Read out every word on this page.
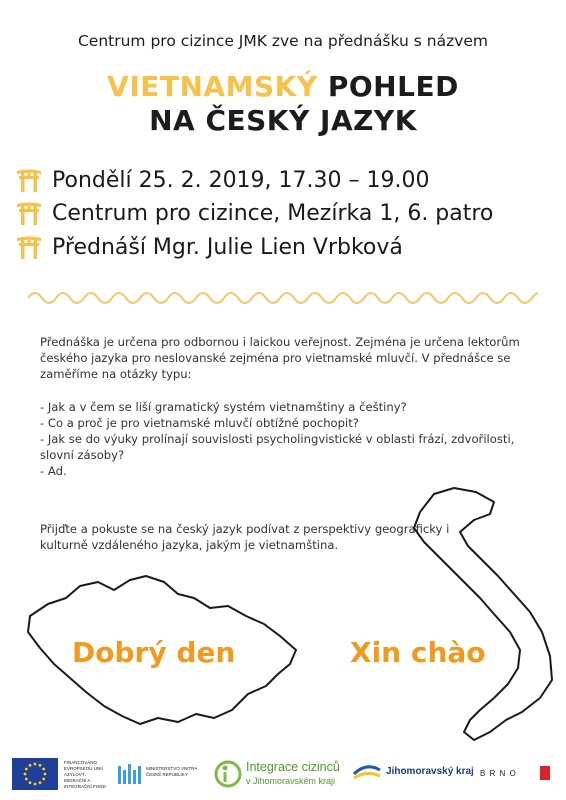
Centrum pro cizince JMK zve na přednášku s názvem
VIETNAMSKÝ POHLED
NA ČESKÝ JAZYK
Pondělí 25. 2. 2019, 17.30 – 19.00
Centrum pro cizince, Mezírka 1, 6. patro
Přednáší Mgr. Julie Lien Vrbková

Přednáška je určena pro odbornou i laickou veřejnost. Zejména je určena lektorům českého jazyka pro neslovanské zejména pro vietnamské mluvčí. V přednášce se zaměříme na otázky typu:

- Jak a v čem se liší gramatický systém vietnamštiny a češtiny?
- Co a proč je pro vietnamské mluvčí obtížné pochopit?
- Jak se do výuky prolínají souvislosti psycholingvistické v oblasti frází, zdvořilosti, slovní zásoby?
- Ad.

Přijďte a pokuste se na český jazyk podívat z perspektivy geograficky i kulturně vzdáleného jazyka, jakým je vietnamština.

Dobrý den	Xin chào
FINANCOVÁNO EVROPSKOU UNIÍ AZYLOVÝ, MIGRAČNÍ A INTEGRAČNÍ FOND
MINISTERSTVO VNITRA ČESKÉ REPUBLIKY
Integrace cizinců
v Jihomoravském kraji
Jihomoravský kraj B R N O
